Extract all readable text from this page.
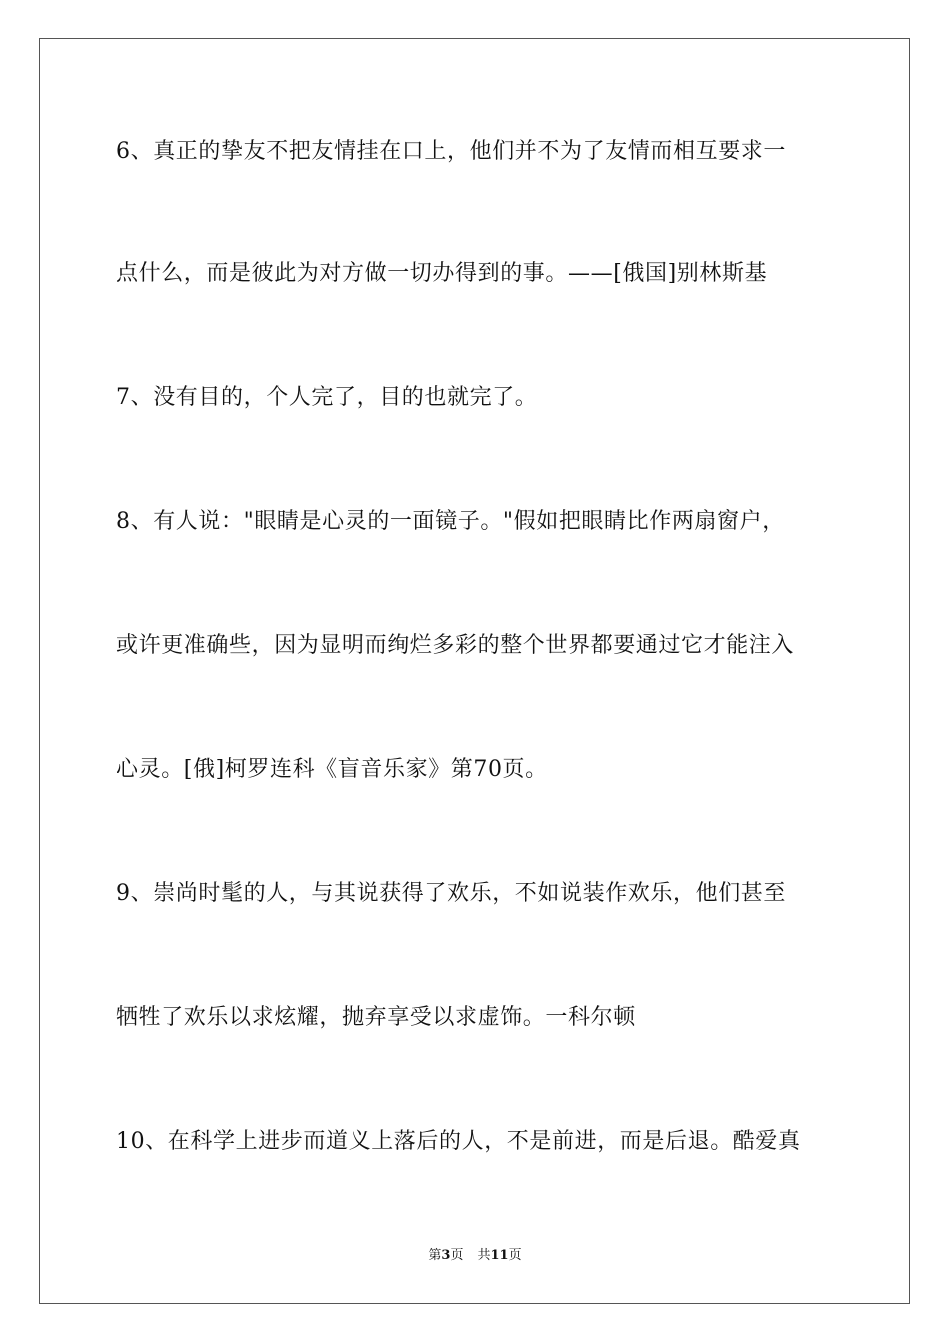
6、真正的挚友不把友情挂在口上，他们并不为了友情而相互要求一
点什么，而是彼此为对方做一切办得到的事。——[俄国]别林斯基
7、没有目的，个人完了，目的也就完了。
8、有人说："眼睛是心灵的一面镜子。"假如把眼睛比作两扇窗户，
或许更准确些，因为显明而绚烂多彩的整个世界都要通过它才能注入
心灵。[俄]柯罗连科《盲音乐家》第70页。
9、崇尚时髦的人，与其说获得了欢乐，不如说装作欢乐，他们甚至
牺牲了欢乐以求炫耀，抛弃享受以求虚饰。一科尔顿
10、在科学上进步而道义上落后的人，不是前进，而是后退。酷爱真
第3页 共11页
